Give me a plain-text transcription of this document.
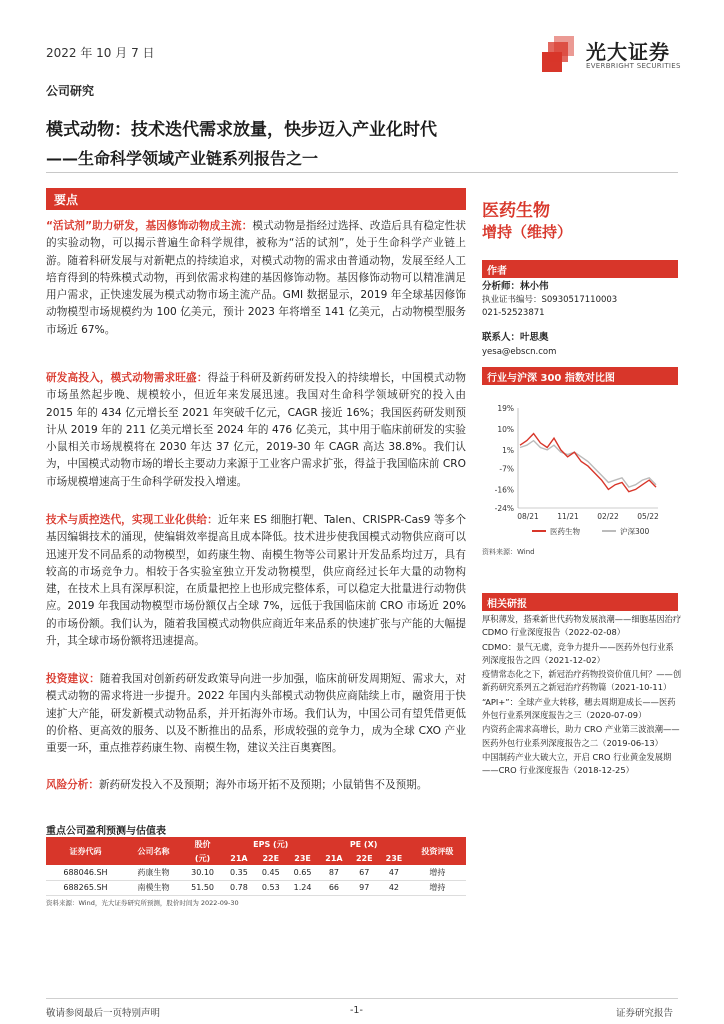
2022 年 10 月 7 日	光大证券
EVERBRIGHT SECURITIES
公司研究
模式动物：技术迭代需求放量，快步迈入产业化时代
——生命科学领域产业链系列报告之一
要点
“活试剂”助力研发，基因修饰动物成主流：模式动物是指经过选择、改造后具有稳定性状的实验动物，可以揭示普遍生命科学规律，被称为“活的试剂”，处于生命科学产业链上游。随着科研发展与对新靶点的持续追求，对模式动物的需求由普通动物，发展至经人工培育得到的特殊模式动物，再到依需求构建的基因修饰动物。基因修饰动物可以精准满足用户需求，正快速发展为模式动物市场主流产品。GMI 数据显示，2019 年全球基因修饰动物模型市场规模约为 100 亿美元，预计 2023 年将增至 141 亿美元，占动物模型服务市场近 67%。
研发高投入，模式动物需求旺盛：得益于科研及新药研发投入的持续增长，中国模式动物市场虽然起步晚、规模较小，但近年来发展迅速。我国对生命科学领域研究的投入由 2015 年的 434 亿元增长至 2021 年突破千亿元，CAGR 接近 16%；我国医药研发则预计从 2019 年的 211 亿美元增长至 2024 年的 476 亿美元，其中用于临床前研发的实验小鼠相关市场规模将在 2030 年达 37 亿元，2019-30 年 CAGR 高达 38.8%。我们认为，中国模式动物市场的增长主要动力来源于工业客户需求扩张，得益于我国临床前 CRO 市场规模增速高于生命科学研发投入增速。
技术与质控迭代，实现工业化供给：近年来 ES 细胞打靶、Talen、CRISPR-Cas9 等多个基因编辑技术的涌现，使编辑效率提高且成本降低。技术进步使我国模式动物供应商可以迅速开发不同品系的动物模型，如药康生物、南模生物等公司累计开发品系均过万，具有较高的市场竞争力。相较于各实验室独立开发动物模型，供应商经过长年大量的动物构建，在技术上具有深厚积淀，在质量把控上也形成完整体系，可以稳定大批量进行动物供应。2019 年我国动物模型市场份额仅占全球 7%，远低于我国临床前 CRO 市场近 20%的市场份额。我们认为，随着我国模式动物供应商近年来品系的快速扩张与产能的大幅提升，其全球市场份额将迅速提高。
投资建议：随着我国对创新药研发政策导向进一步加强，临床前研发周期短、需求大，对模式动物的需求将进一步提升。2022 年国内头部模式动物供应商陆续上市，融资用于快速扩大产能，研发新模式动物品系，并开拓海外市场。我们认为，中国公司有望凭借更低的价格、更高效的服务、以及不断推出的品系，形成较强的竞争力，成为全球 CXO 产业重要一环，重点推荐药康生物、南模生物，建议关注百奥赛图。
风险分析：新药研发投入不及预期；海外市场开拓不及预期；小鼠销售不及预期。
重点公司盈利预测与估值表
证券代码	公司名称	股价	EPS (元)			PE (X)			投资评级
		(元)	21A	22E	23E	21A	22E	23E	
688046.SH	药康生物	30.10	0.35	0.45	0.65	87	67	47	增持
688265.SH	南模生物	51.50	0.78	0.53	1.24	66	97	42	增持
资料来源：Wind，光大证券研究所预测，股价时间为 2022-09-30
医药生物
增持（维持）
作者
分析师：林小伟
执业证书编号：S0930517110003
021-52523871
联系人：叶思奥
yesa@ebscn.com
行业与沪深 300 指数对比图
19%
10%
1%
-7%
-16%
-24%
08/21 11/21 02/22 05/22
医药生物	沪深300
资料来源：Wind
相关研报
厚积薄发，搭乘新世代药物发展浪潮——细胞基因治疗 CDMO 行业深度报告（2022-02-08）
CDMO：景气无虞，竞争力提升——医药外包行业系列深度报告之四（2021-12-02）
疫情常态化之下，新冠治疗药物投资价值几何？——创新药研究系列五之新冠治疗药物篇（2021-10-11）
“API+”：全球产业大转移，穗去周期迎成长——医药外包行业系列深度报告之三（2020-07-09）
内资药企需求高增长，助力 CRO 产业第三波浪潮——医药外包行业系列深度报告之二（2019-06-13）
中国制药产业大破大立，开启 CRO 行业黄金发展期——CRO 行业深度报告（2018-12-25）
敬请参阅最后一页特别声明	-1-	证券研究报告
